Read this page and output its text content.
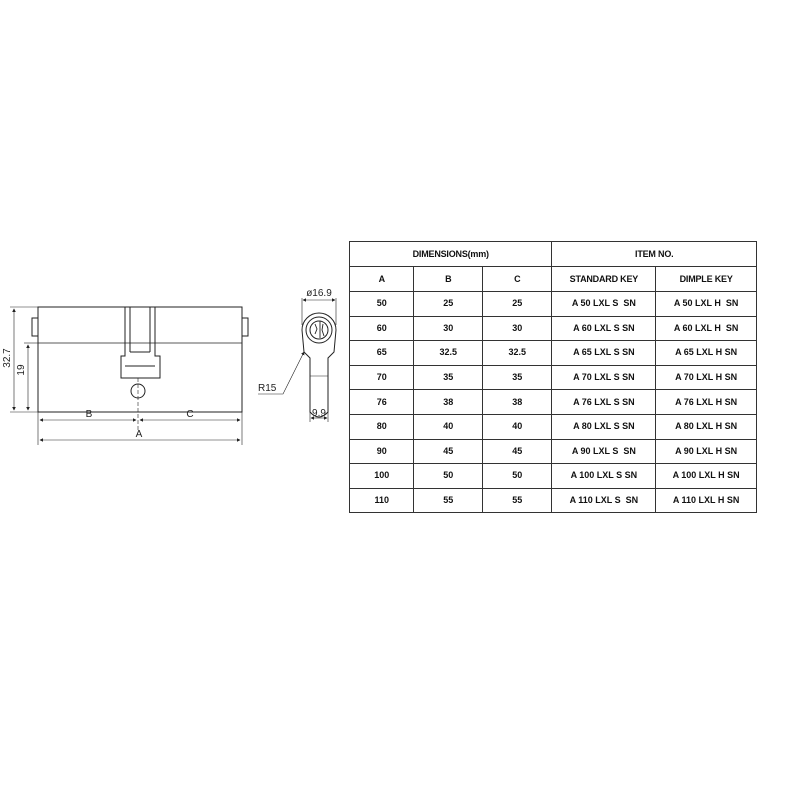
32.7
19
B	C
A
ø16.9
R15
9.9
DIMENSIONS(mm)			ITEM NO.	
A	B	C	STANDARD KEY	DIMPLE KEY
50	25	25	A 50 LXL S  SN	A 50 LXL H  SN
60	30	30	A 60 LXL S SN	A 60 LXL H  SN
65	32.5	32.5	A 65 LXL S SN	A 65 LXL H SN
70	35	35	A 70 LXL S SN	A 70 LXL H SN
76	38	38	A 76 LXL S SN	A 76 LXL H SN
80	40	40	A 80 LXL S SN	A 80 LXL H SN
90	45	45	A 90 LXL S  SN	A 90 LXL H SN
100	50	50	A 100 LXL S SN	A 100 LXL H SN
110	55	55	A 110 LXL S  SN	A 110 LXL H SN
